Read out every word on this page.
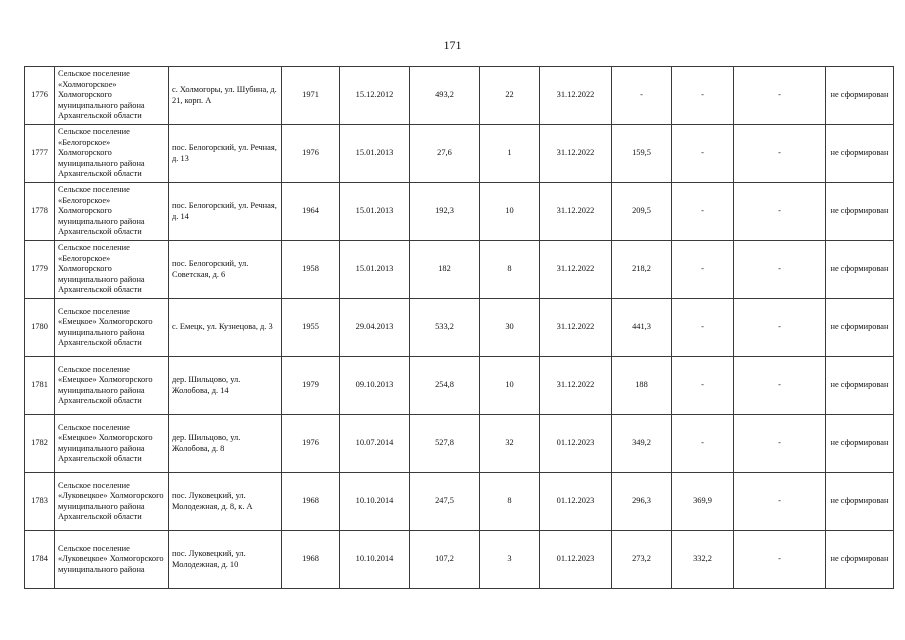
171
1776	Сельское поселение «Холмогорское» Холмогорского муниципального района Архангельской области	с. Холмогоры, ул. Шубина, д. 21, корп. А	1971	15.12.2012	493,2	22	31.12.2022	-	-	-	не сформирован
1777	Сельское поселение «Белогорское» Холмогорского муниципального района Архангельской области	пос. Белогорский, ул. Речная, д. 13	1976	15.01.2013	27,6	1	31.12.2022	159,5	-	-	не сформирован
1778	Сельское поселение «Белогорское» Холмогорского муниципального района Архангельской области	пос. Белогорский, ул. Речная, д. 14	1964	15.01.2013	192,3	10	31.12.2022	209,5	-	-	не сформирован
1779	Сельское поселение «Белогорское» Холмогорского муниципального района Архангельской области	пос. Белогорский, ул. Советская, д. 6	1958	15.01.2013	182	8	31.12.2022	218,2	-	-	не сформирован
1780	Сельское поселение «Емецкое» Холмогорского муниципального района Архангельской области	с. Емецк, ул. Кузнецова, д. 3	1955	29.04.2013	533,2	30	31.12.2022	441,3	-	-	не сформирован
1781	Сельское поселение «Емецкое» Холмогорского муниципального района Архангельской области	дер. Шильцово, ул. Жолобова, д. 14	1979	09.10.2013	254,8	10	31.12.2022	188	-	-	не сформирован
1782	Сельское поселение «Емецкое» Холмогорского муниципального района Архангельской области	дер. Шильцово, ул. Жолобова, д. 8	1976	10.07.2014	527,8	32	01.12.2023	349,2	-	-	не сформирован
1783	Сельское поселение «Луковецкое» Холмогорского муниципального района Архангельской области	пос. Луковецкий, ул. Молодежная, д. 8, к. А	1968	10.10.2014	247,5	8	01.12.2023	296,3	369,9	-	не сформирован
1784	Сельское поселение «Луковецкое» Холмогорского муниципального района	пос. Луковецкий, ул. Молодежная, д. 10	1968	10.10.2014	107,2	3	01.12.2023	273,2	332,2	-	не сформирован
